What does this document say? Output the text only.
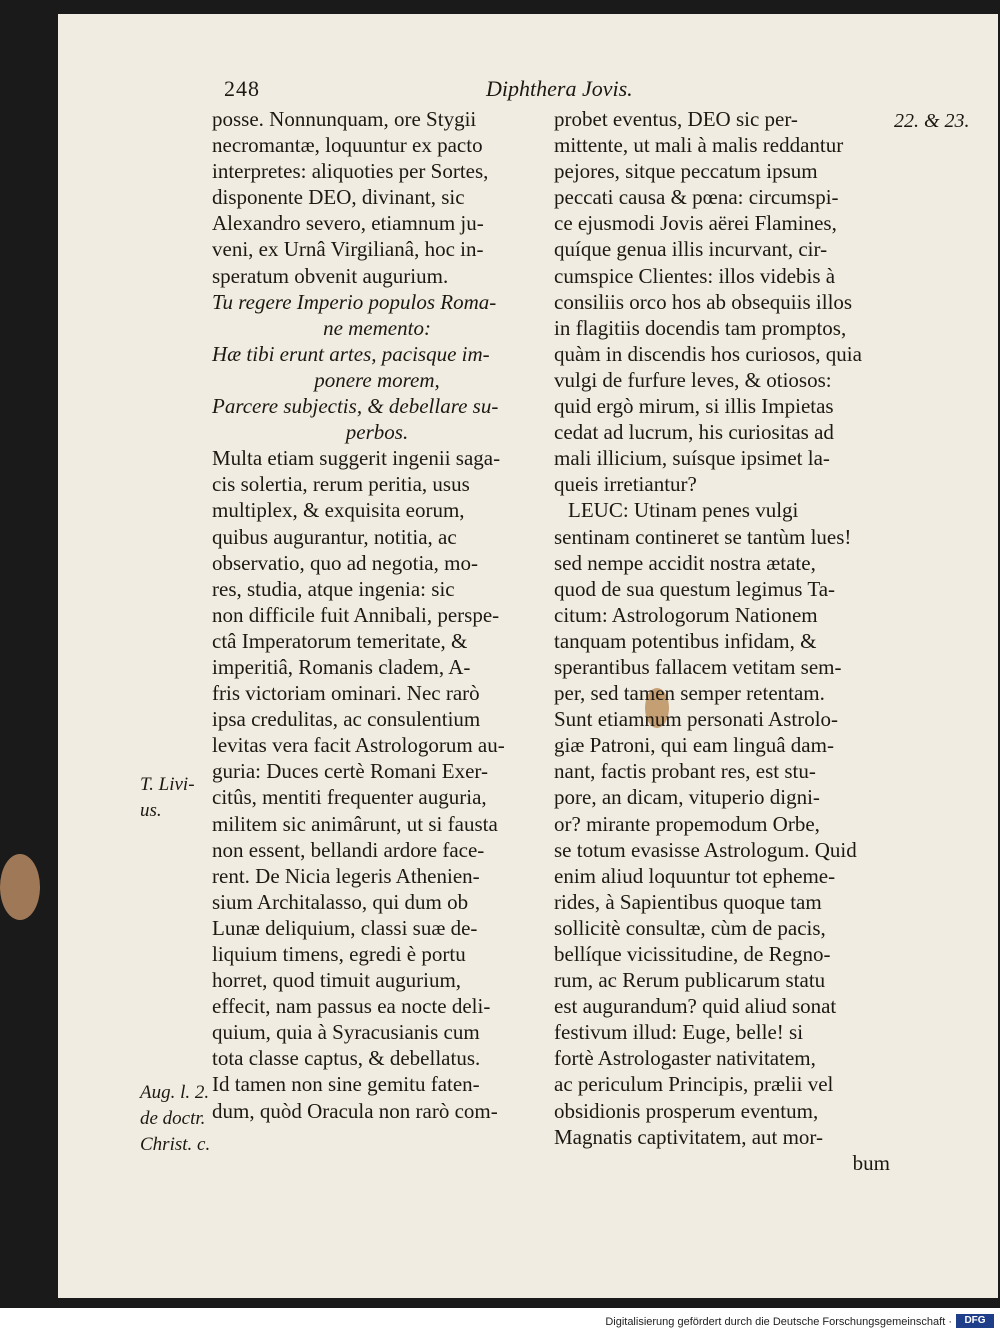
248	Diphthera Jovis.
22. & 23.
posse. Nonnunquam, ore Stygii
necromantæ, loquuntur ex pacto
interpretes: aliquoties per Sortes,
disponente DEO, divinant, sic
Alexandro severo, etiamnum ju-
veni, ex Urnâ Virgilianâ, hoc in-
speratum obvenit augurium.
Tu regere Imperio populos Roma-
ne memento:
Hæ tibi erunt artes, pacisque im-
ponere morem,
Parcere subjectis, & debellare su-
perbos.
Multa etiam suggerit ingenii saga-
cis solertia, rerum peritia, usus
multiplex, & exquisita eorum,
quibus augurantur, notitia, ac
observatio, quo ad negotia, mo-
res, studia, atque ingenia: sic
non difficile fuit Annibali, perspe-
ctâ Imperatorum temeritate, &
imperitiâ, Romanis cladem, A-
fris victoriam ominari. Nec rarò
ipsa credulitas, ac consulentium
levitas vera facit Astrologorum au-
guria: Duces certè Romani Exer-
citûs, mentiti frequenter auguria,
militem sic animârunt, ut si fausta
non essent, bellandi ardore face-
rent. De Nicia legeris Athenien-
sium Architalasso, qui dum ob
Lunæ deliquium, classi suæ de-
liquium timens, egredi è portu
horret, quod timuit augurium,
effecit, nam passus ea nocte deli-
quium, quia à Syracusianis cum
tota classe captus, & debellatus.
Id tamen non sine gemitu faten-
dum, quòd Oracula non rarò com-
probet eventus, DEO sic per-
mittente, ut mali à malis reddantur
pejores, sitque peccatum ipsum
peccati causa & pœna: circumspi-
ce ejusmodi Jovis aërei Flamines,
quíque genua illis incurvant, cir-
cumspice Clientes: illos videbis à
consiliis orco hos ab obsequiis illos
in flagitiis docendis tam promptos,
quàm in discendis hos curiosos, quia
vulgi de furfure leves, & otiosos:
quid ergò mirum, si illis Impietas
cedat ad lucrum, his curiositas ad
mali illicium, suísque ipsimet la-
queis irretiantur?
LEUC: Utinam penes vulgi
sentinam contineret se tantùm lues!
sed nempe accidit nostra ætate,
quod de sua questum legimus Ta-
citum: Astrologorum Nationem
tanquam potentibus infidam, &
sperantibus fallacem vetitam sem-
per, sed tamen semper retentam.
Sunt etiamnum personati Astrolo-
giæ Patroni, qui eam linguâ dam-
nant, factis probant res, est stu-
pore, an dicam, vituperio digni-
or? mirante propemodum Orbe,
se totum evasisse Astrologum. Quid
enim aliud loquuntur tot epheme-
rides, à Sapientibus quoque tam
sollicitè consultæ, cùm de pacis,
bellíque vicissitudine, de Regno-
rum, ac Rerum publicarum statu
est augurandum? quid aliud sonat
festivum illud: Euge, belle! si
fortè Astrologaster nativitatem,
ac periculum Principis, prælii vel
obsidionis prosperum eventum,
Magnatis captivitatem, aut mor-
bum
T. Livi-
us.
Aug. l. 2.
de doctr.
Christ. c.
Digitalisierung gefördert durch die Deutsche Forschungsgemeinschaft ·	DFG
